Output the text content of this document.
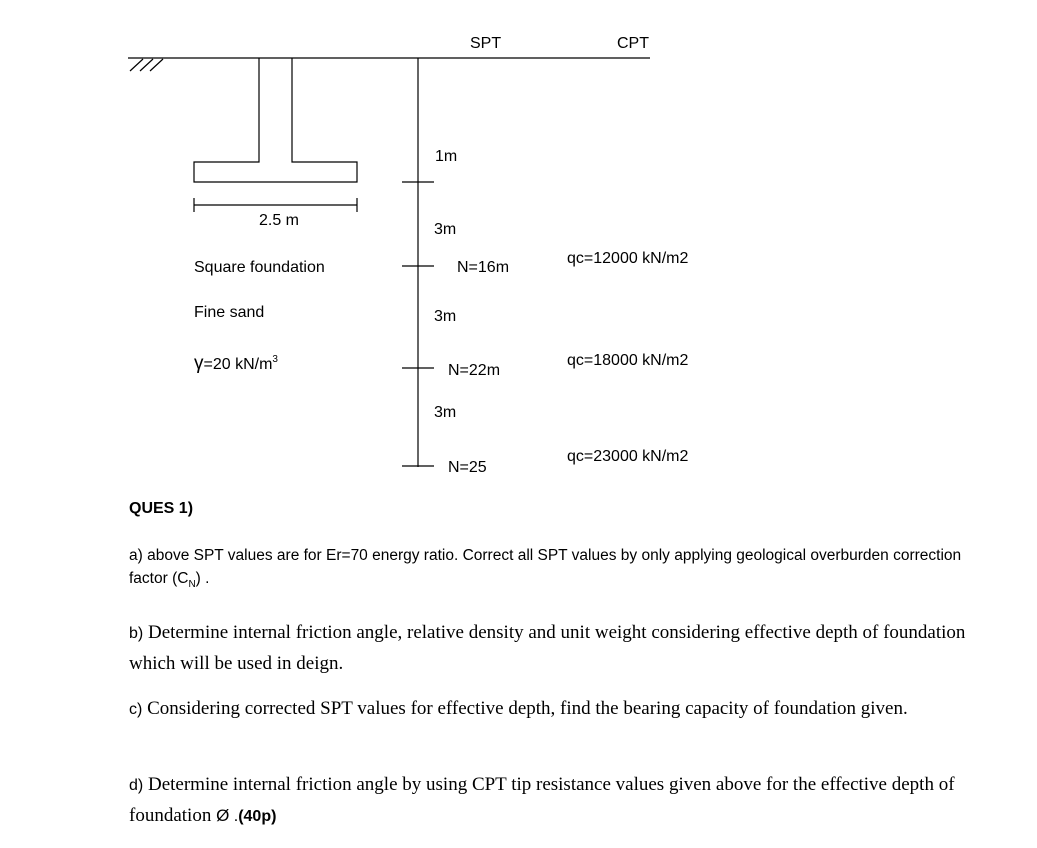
2.5 m
SPT	CPT
1m
3m
3m
3m
N=16m
N=22m
N=25
qc=12000 kN/m2
qc=18000 kN/m2
qc=23000 kN/m2
Square foundation
Fine sand
γ=20 $kN/m^3$
QUES 1)
a) above SPT values are for Er=70 energy ratio. Correct all SPT values by only applying geological overburden correction factor $(C_N)$ .
b) Determine internal friction angle, relative density and unit weight considering effective depth of foundation which will be used in deign.
c) Considering corrected SPT values for effective depth, find the bearing capacity of foundation given.
d) Determine internal friction angle by using CPT tip resistance values given above for the effective depth of foundation Ø .(40p)
